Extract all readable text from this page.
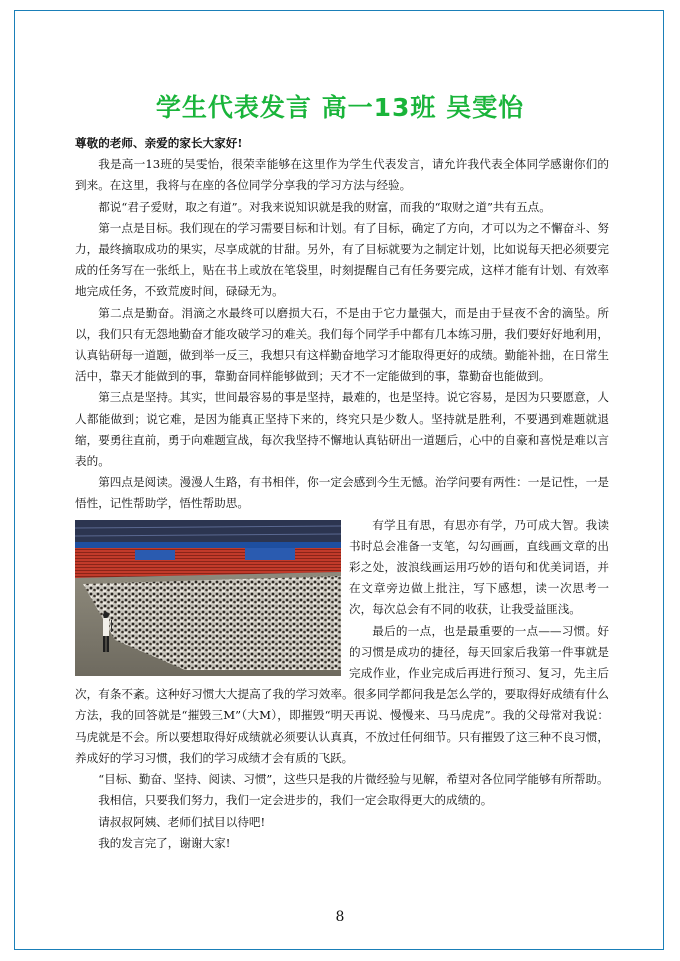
学生代表发言 高一13班 吴雯怡

尊敬的老师、亲爱的家长大家好!

我是高一13班的吴雯怡，很荣幸能够在这里作为学生代表发言，请允许我代表全体同学感谢你们的到来。在这里，我将与在座的各位同学分享我的学习方法与经验。

都说“君子爱财，取之有道”。对我来说知识就是我的财富，而我的“取财之道”共有五点。

第一点是目标。我们现在的学习需要目标和计划。有了目标，确定了方向，才可以为之不懈奋斗、努力，最终摘取成功的果实，尽享成就的甘甜。另外，有了目标就要为之制定计划，比如说每天把必须要完成的任务写在一张纸上，贴在书上或放在笔袋里，时刻提醒自己有任务要完成，这样才能有计划、有效率地完成任务，不致荒废时间，碌碌无为。

第二点是勤奋。涓滴之水最终可以磨损大石，不是由于它力量强大，而是由于昼夜不舍的滴坠。所以，我们只有无怨地勤奋才能攻破学习的难关。我们每个同学手中都有几本练习册，我们要好好地利用，认真钻研每一道题，做到举一反三，我想只有这样勤奋地学习才能取得更好的成绩。勤能补拙，在日常生活中，靠天才能做到的事，靠勤奋同样能够做到；天才不一定能做到的事，靠勤奋也能做到。

第三点是坚持。其实，世间最容易的事是坚持，最难的，也是坚持。说它容易，是因为只要愿意，人人都能做到；说它难，是因为能真正坚持下来的，终究只是少数人。坚持就是胜利，不要遇到难题就退缩，要勇往直前，勇于向难题宣战，每次我坚持不懈地认真钻研出一道题后，心中的自豪和喜悦是难以言表的。

第四点是阅读。漫漫人生路，有书相伴，你一定会感到今生无憾。治学问要有两性：一是记性，一是悟性，记性帮助学，悟性帮助思。

有学且有思，有思亦有学，乃可成大智。我读书时总会准备一支笔，勾勾画画，直线画文章的出彩之处，波浪线画运用巧妙的语句和优美词语，并在文章旁边做上批注，写下感想，读一次思考一次，每次总会有不同的收获，让我受益匪浅。

最后的一点，也是最重要的一点——习惯。好的习惯是成功的捷径，每天回家后我第一件事就是完成作业，作业完成后再进行预习、复习，先主后次，有条不紊。这种好习惯大大提高了我的学习效率。很多同学都问我是怎么学的，要取得好成绩有什么方法，我的回答就是“摧毁三M”（大M），即摧毁“明天再说、慢慢来、马马虎虎”。我的父母常对我说：马虎就是不会。所以要想取得好成绩就必须要认认真真，不放过任何细节。只有摧毁了这三种不良习惯，养成好的学习习惯，我们的学习成绩才会有质的飞跃。

“目标、勤奋、坚持、阅读、习惯”，这些只是我的片微经验与见解，希望对各位同学能够有所帮助。

我相信，只要我们努力，我们一定会进步的，我们一定会取得更大的成绩的。

请叔叔阿姨、老师们拭目以待吧!

我的发言完了，谢谢大家!

8
